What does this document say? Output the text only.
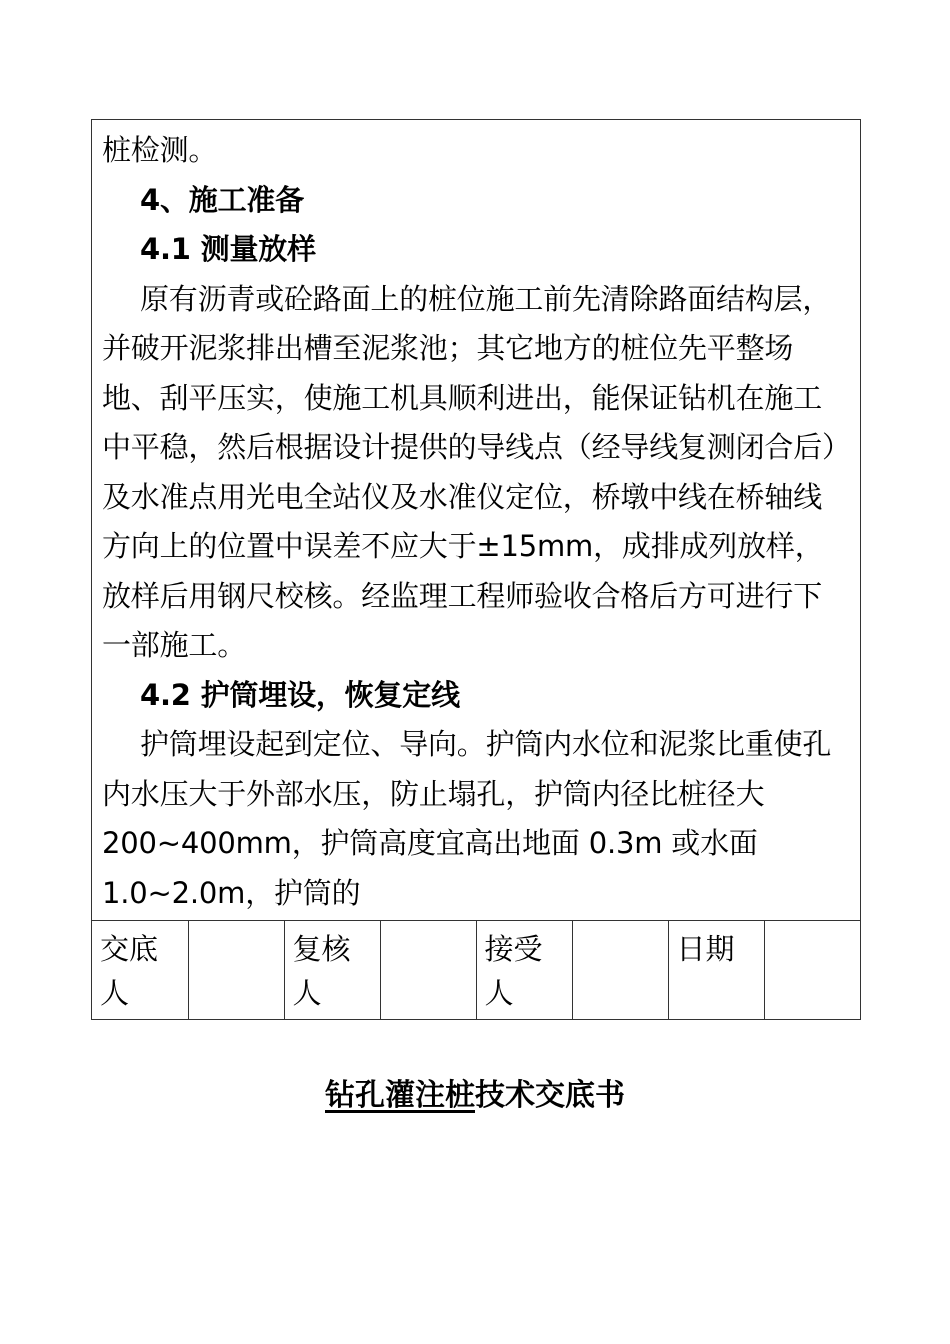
桩检测。

4、施工准备

4.1 测量放样

原有沥青或砼路面上的桩位施工前先清除路面结构层，并破开泥浆排出槽至泥浆池；其它地方的桩位先平整场地、刮平压实，使施工机具顺利进出，能保证钻机在施工中平稳，然后根据设计提供的导线点（经导线复测闭合后）及水准点用光电全站仪及水准仪定位，桥墩中线在桥轴线方向上的位置中误差不应大于±15mm，成排成列放样，放样后用钢尺校核。经监理工程师验收合格后方可进行下一部施工。

4.2 护筒埋设，恢复定线

护筒埋设起到定位、导向。护筒内水位和泥浆比重使孔内水压大于外部水压，防止塌孔，护筒内径比桩径大 200~400mm，护筒高度宜高出地面 0.3m 或水面 1.0~2.0m，护筒的

交底人		复核人		接受人		日期	
钻孔灌注桩技术交底书
